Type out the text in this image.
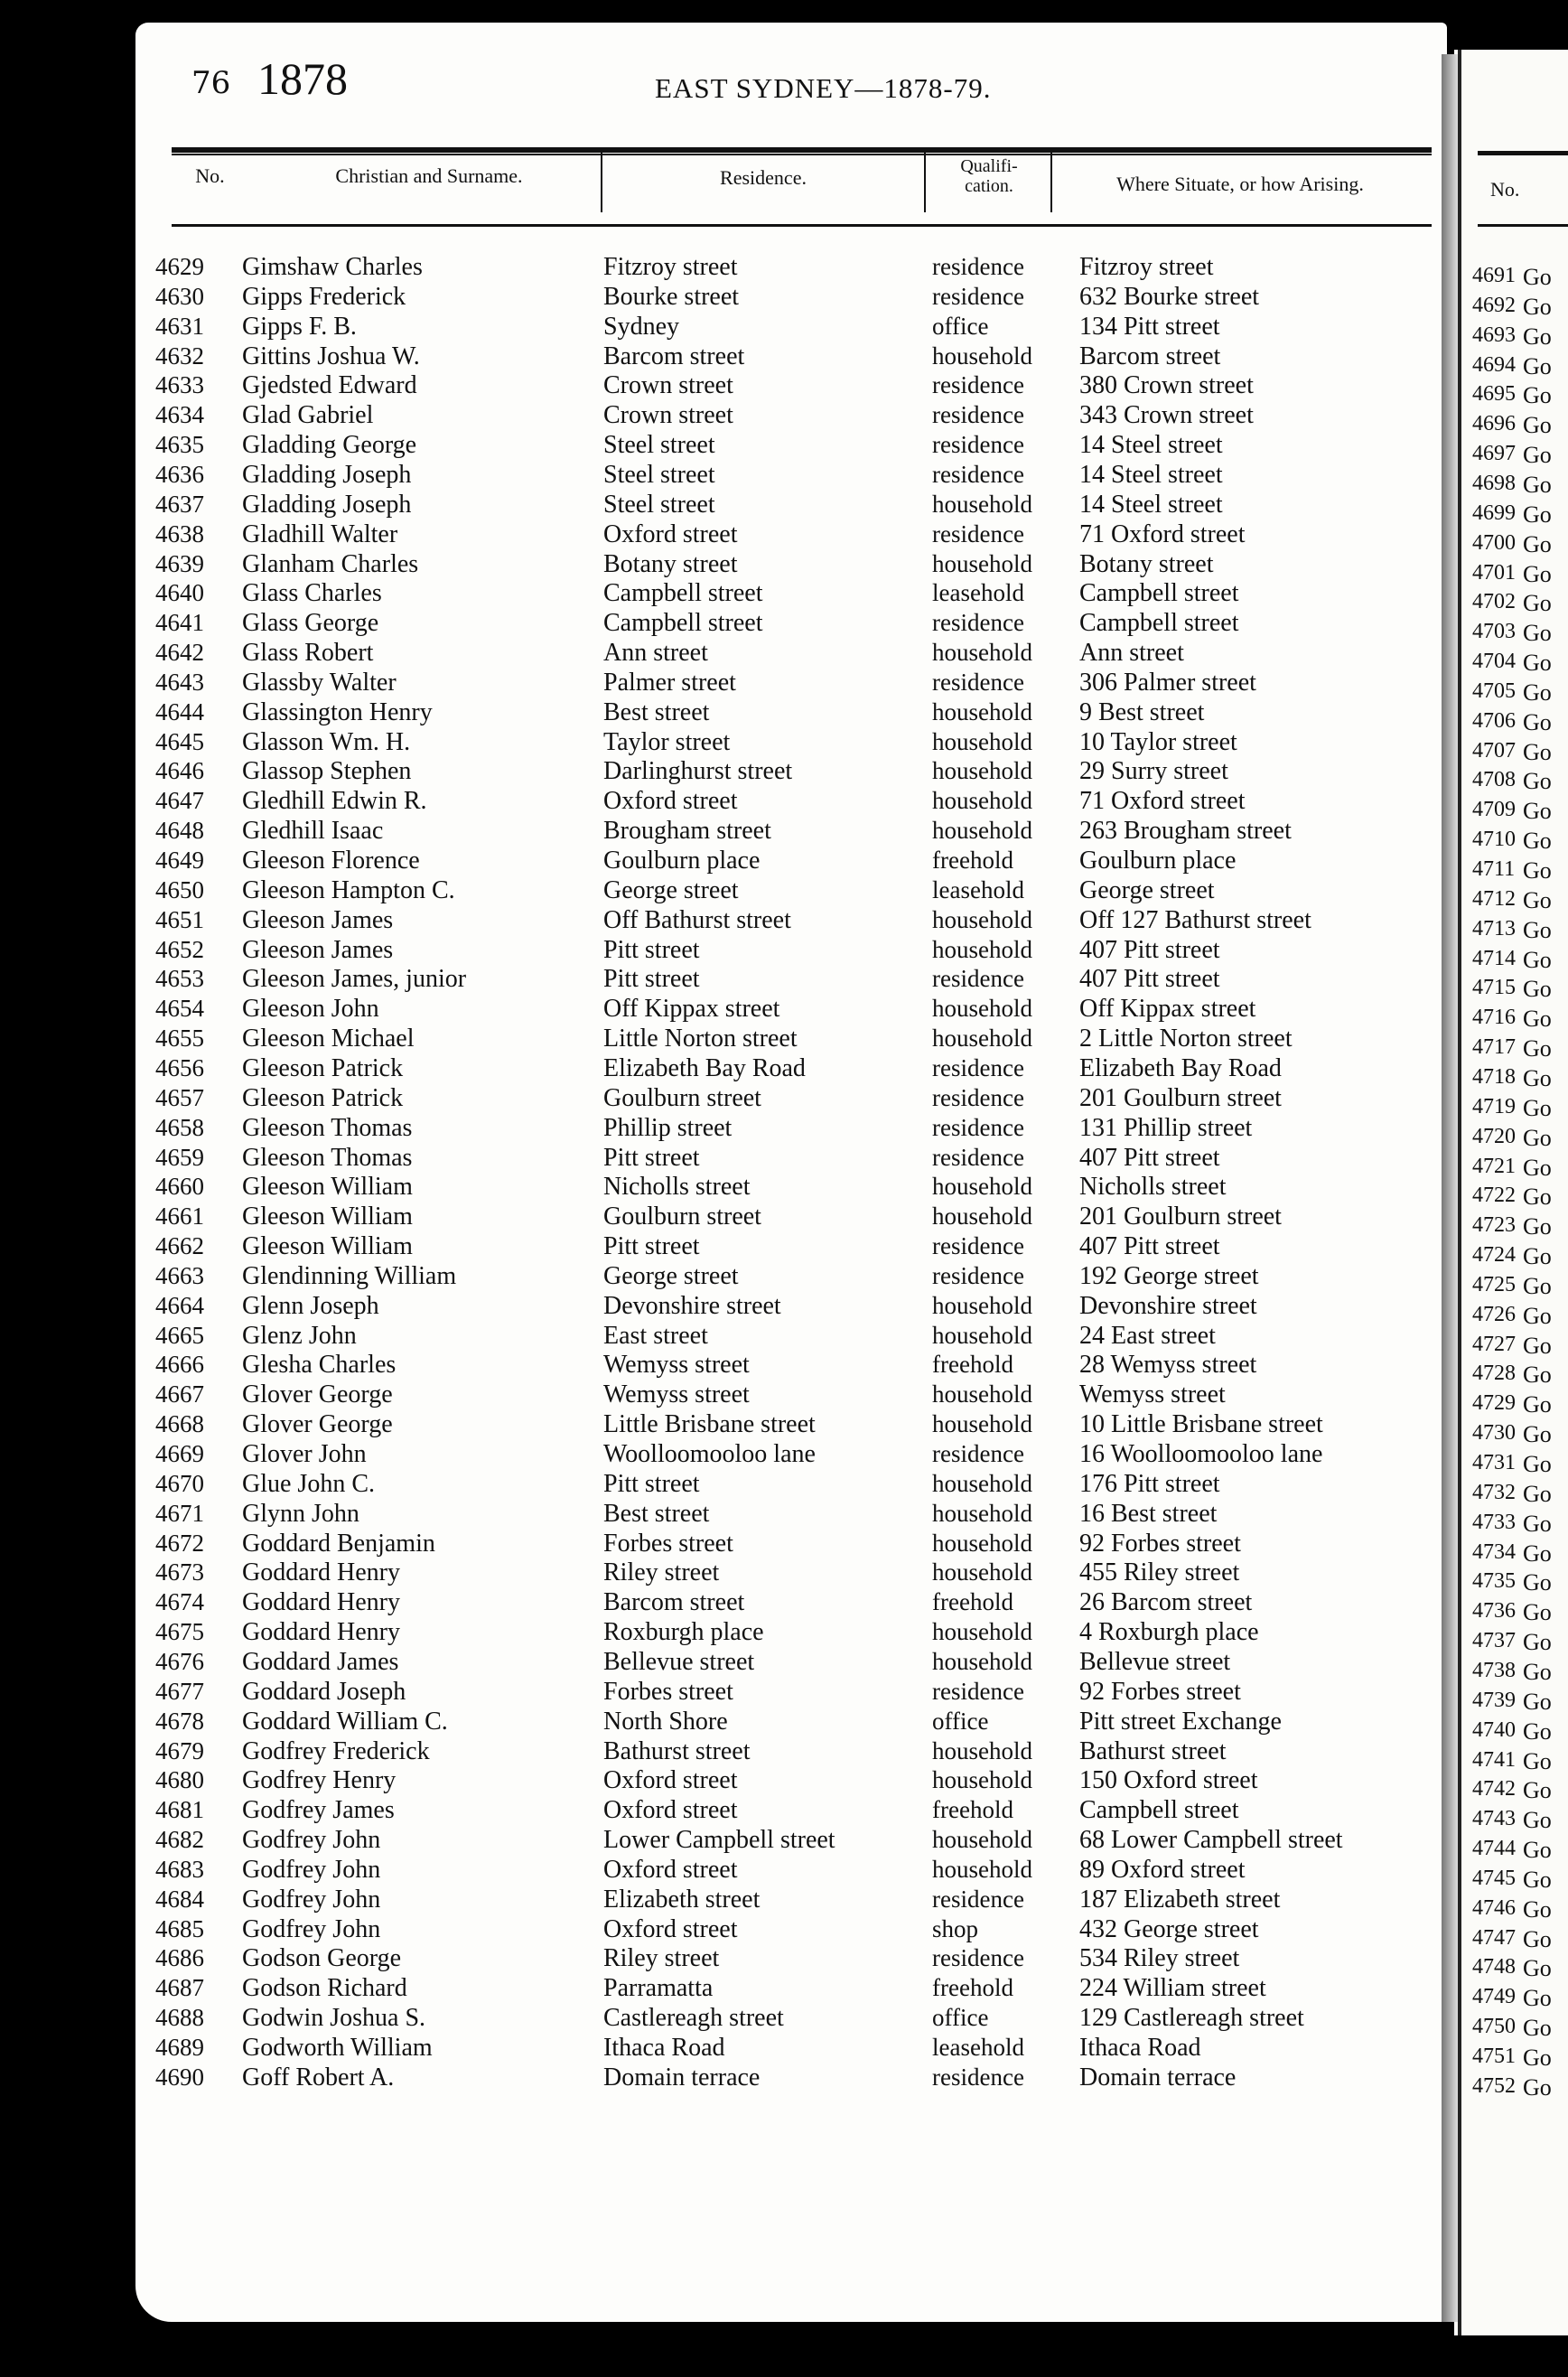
76 1878	EAST SYDNEY—1878-79.
No.	Christian and Surname.	Residence.	Qualifi-cation.	Where Situate, or how Arising.
4629 Gimshaw Charles	Fitzroy street	residence Fitzroy street
4630 Gipps Frederick	Bourke street	residence 632 Bourke street
4631 Gipps F. B.	Sydney	office	134 Pitt street
4632 Gittins Joshua W.	Barcom street	household Barcom street
4633 Gjedsted Edward	Crown street	residence 380 Crown street
4634 Glad Gabriel	Crown street	residence 343 Crown street
4635 Gladding George	Steel street	residence 14 Steel street
4636 Gladding Joseph	Steel street	residence 14 Steel street
4637 Gladding Joseph	Steel street	household 14 Steel street
4638 Gladhill Walter	Oxford street	residence 71 Oxford street
4639 Glanham Charles	Botany street	household Botany street
4640 Glass Charles	Campbell street	leasehold Campbell street
4641 Glass George	Campbell street	residence Campbell street
4642 Glass Robert	Ann street	household Ann street
4643 Glassby Walter	Palmer street	residence 306 Palmer street
4644 Glassington Henry	Best street	household 9 Best street
4645 Glasson Wm. H.	Taylor street	household 10 Taylor street
4646 Glassop Stephen	Darlinghurst street	household 29 Surry street
4647 Gledhill Edwin R.	Oxford street	household 71 Oxford street
4648 Gledhill Isaac	Brougham street	household 263 Brougham street
4649 Gleeson Florence	Goulburn place	freehold	Goulburn place
4650 Gleeson Hampton C.	George street	leasehold George street
4651 Gleeson James	Off Bathurst street	household Off 127 Bathurst street
4652 Gleeson James	Pitt street	household 407 Pitt street
4653 Gleeson James, junior	Pitt street	residence 407 Pitt street
4654 Gleeson John	Off Kippax street	household Off Kippax street
4655 Gleeson Michael	Little Norton street	household 2 Little Norton street
4656 Gleeson Patrick	Elizabeth Bay Road	residence Elizabeth Bay Road
4657 Gleeson Patrick	Goulburn street	residence 201 Goulburn street
4658 Gleeson Thomas	Phillip street	residence 131 Phillip street
4659 Gleeson Thomas	Pitt street	residence 407 Pitt street
4660 Gleeson William	Nicholls street	household Nicholls street
4661 Gleeson William	Goulburn street	household 201 Goulburn street
4662 Gleeson William	Pitt street	residence 407 Pitt street
4663 Glendinning William	George street	residence 192 George street
4664 Glenn Joseph	Devonshire street	household Devonshire street
4665 Glenz John	East street	household 24 East street
4666 Glesha Charles	Wemyss street	freehold	28 Wemyss street
4667 Glover George	Wemyss street	household Wemyss street
4668 Glover George	Little Brisbane street	household 10 Little Brisbane street
4669 Glover John	Woolloomooloo lane	residence 16 Woolloomooloo lane
4670 Glue John C.	Pitt street	household 176 Pitt street
4671 Glynn John	Best street	household 16 Best street
4672 Goddard Benjamin	Forbes street	household 92 Forbes street
4673 Goddard Henry	Riley street	household 455 Riley street
4674 Goddard Henry	Barcom street	freehold	26 Barcom street
4675 Goddard Henry	Roxburgh place	household 4 Roxburgh place
4676 Goddard James	Bellevue street	household Bellevue street
4677 Goddard Joseph	Forbes street	residence 92 Forbes street
4678 Goddard William C.	North Shore	office	Pitt street Exchange
4679 Godfrey Frederick	Bathurst street	household Bathurst street
4680 Godfrey Henry	Oxford street	household 150 Oxford street
4681 Godfrey James	Oxford street	freehold	Campbell street
4682 Godfrey John	Lower Campbell street	household 68 Lower Campbell street
4683 Godfrey John	Oxford street	household 89 Oxford street
4684 Godfrey John	Elizabeth street	residence 187 Elizabeth street
4685 Godfrey John	Oxford street	shop	432 George street
4686 Godson George	Riley street	residence 534 Riley street
4687 Godson Richard	Parramatta	freehold	224 William street
4688 Godwin Joshua S.	Castlereagh street	office	129 Castlereagh street
4689 Godworth William	Ithaca Road	leasehold Ithaca Road
4690 Goff Robert A.	Domain terrace	residence Domain terrace
No.
4691 Go
4692 Go
4693 Go
4694 Go
4695 Go
4696 Go
4697 Go
4698 Go
4699 Go
4700 Go
4701 Go
4702 Go
4703 Go
4704 Go
4705 Go
4706 Go
4707 Go
4708 Go
4709 Go
4710 Go
4711 Go
4712 Go
4713 Go
4714 Go
4715 Go
4716 Go
4717 Go
4718 Go
4719 Go
4720 Go
4721 Go
4722 Go
4723 Go
4724 Go
4725 Go
4726 Go
4727 Go
4728 Go
4729 Go
4730 Go
4731 Go
4732 Go
4733 Go
4734 Go
4735 Go
4736 Go
4737 Go
4738 Go
4739 Go
4740 Go
4741 Go
4742 Go
4743 Go
4744 Go
4745 Go
4746 Go
4747 Go
4748 Go
4749 Go
4750 Go
4751 Go
4752 Go
